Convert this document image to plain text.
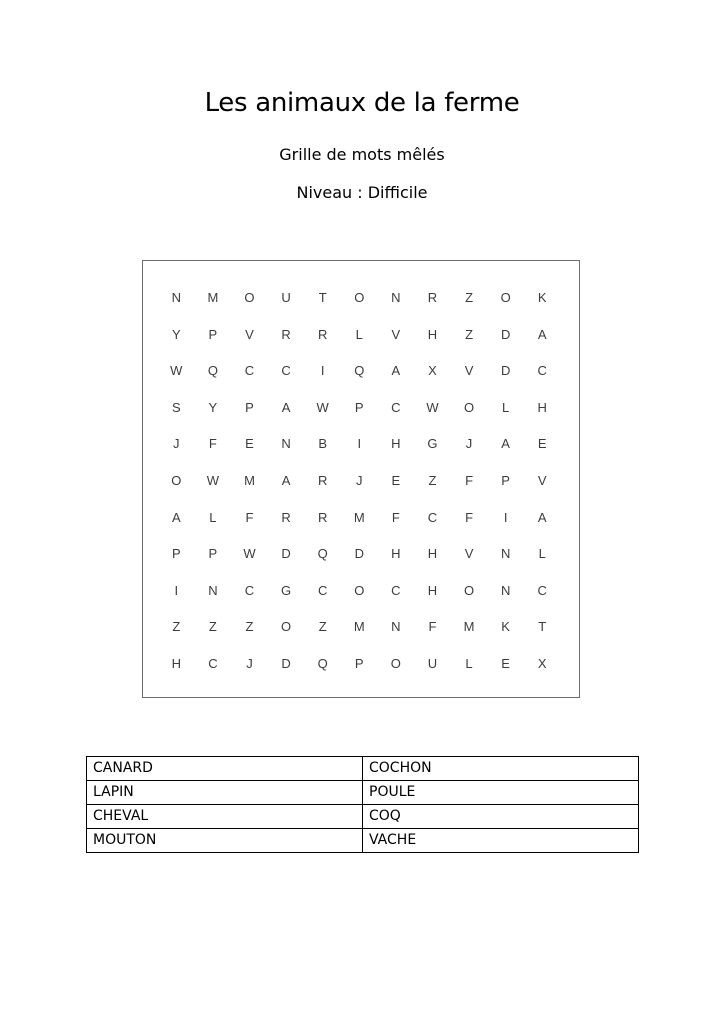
Les animaux de la ferme
Grille de mots mêlés
Niveau : Difficile
N	M	O	U	T	O	N	R	Z	O	K
Y	P	V	R	R	L	V	H	Z	D	A
W	Q	C	C	I	Q	A	X	V	D	C
S	Y	P	A	W	P	C	W	O	L	H
J	F	E	N	B	I	H	G	J	A	E
O	W	M	A	R	J	E	Z	F	P	V
A	L	F	R	R	M	F	C	F	I	A
P	P	W	D	Q	D	H	H	V	N	L
I	N	C	G	C	O	C	H	O	N	C
Z	Z	Z	O	Z	M	N	F	M	K	T
H	C	J	D	Q	P	O	U	L	E	X
CANARD	COCHON
LAPIN	POULE
CHEVAL	COQ
MOUTON	VACHE
